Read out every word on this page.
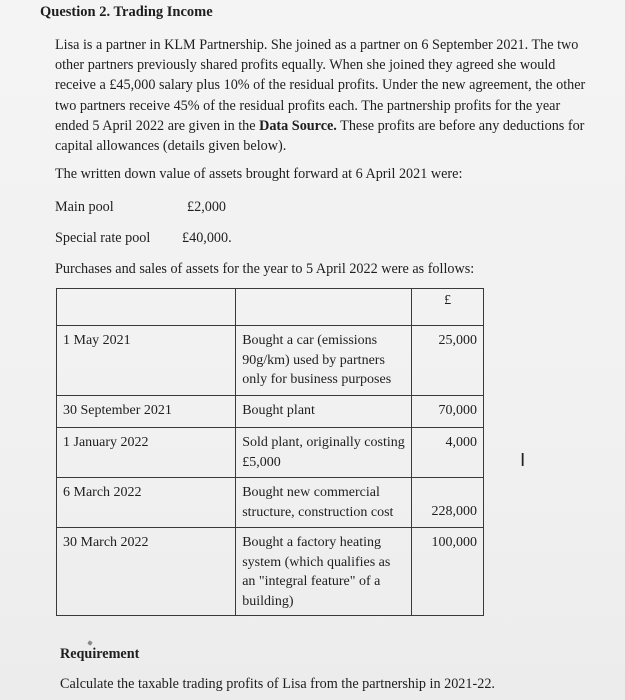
Question 2. Trading Income
Lisa is a partner in KLM Partnership. She joined as a partner on 6 September 2021. The two
other partners previously shared profits equally. When she joined they agreed she would
receive a £45,000 salary plus 10% of the residual profits. Under the new agreement, the other
two partners receive 45% of the residual profits each. The partnership profits for the year
ended 5 April 2022 are given in the Data Source. These profits are before any deductions for
capital allowances (details given below).
The written down value of assets brought forward at 6 April 2021 were:
Main pool	£2,000
Special rate pool £40,000.
Purchases and sales of assets for the year to 5 April 2022 were as follows:
		£
1 May 2021	Bought a car (emissions
90g/km) used by partners
only for business purposes	25,000
30 September 2021	Bought plant	70,000
1 January 2022	Sold plant, originally costing
£5,000	4,000
6 March 2022	Bought new commercial
structure, construction cost	228,000
30 March 2022	Bought a factory heating
system (which qualifies as
an "integral feature" of a
building)	100,000
I
Requirement
Calculate the taxable trading profits of Lisa from the partnership in 2021-22.
